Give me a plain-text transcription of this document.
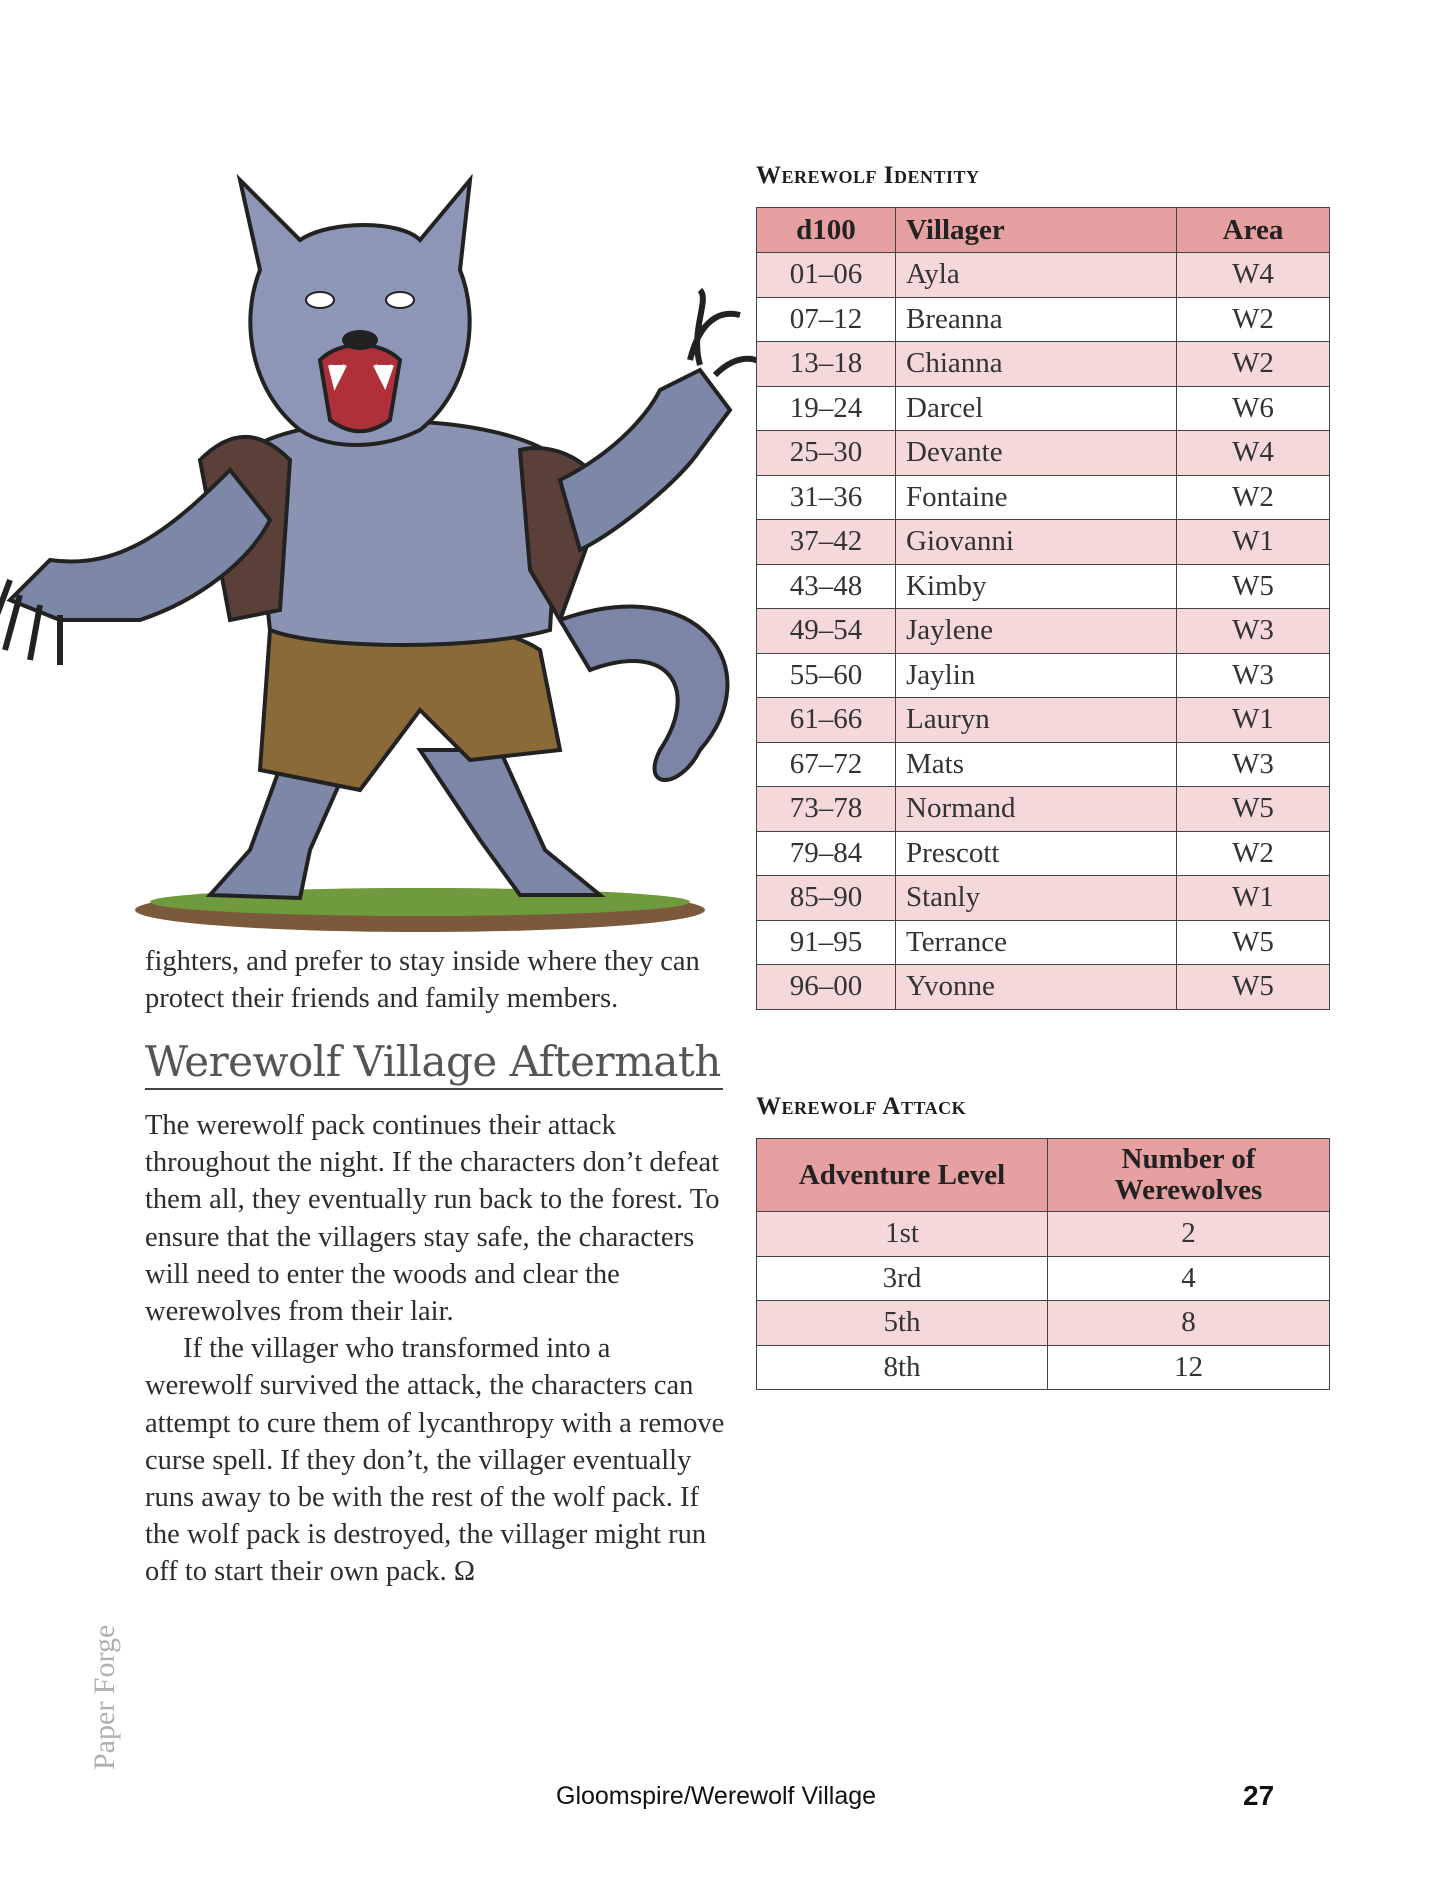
Werewolf Identity
d100	Villager	Area
01–06	Ayla	W4
07–12	Breanna	W2
13–18	Chianna	W2
19–24	Darcel	W6
25–30	Devante	W4
31–36	Fontaine	W2
37–42	Giovanni	W1
43–48	Kimby	W5
49–54	Jaylene	W3
55–60	Jaylin	W3
61–66	Lauryn	W1
67–72	Mats	W3
73–78	Normand	W5
79–84	Prescott	W2
85–90	Stanly	W1
91–95	Terrance	W5
96–00	Yvonne	W5
Werewolf Attack
Adventure Level	Number of Werewolves
1st	2
3rd	4
5th	8
8th	12

fighters, and prefer to stay inside where they can protect their friends and family members.

Werewolf Village Aftermath

The werewolf pack continues their attack throughout the night. If the characters don’t defeat them all, they eventually run back to the forest. To ensure that the villagers stay safe, the characters will need to enter the woods and clear the werewolves from their lair.

If the villager who transformed into a werewolf survived the attack, the characters can attempt to cure them of lycanthropy with a remove curse spell. If they don’t, the villager eventually runs away to be with the rest of the wolf pack. If the wolf pack is destroyed, the villager might run off to start their own pack. Ω

Paper Forge
Gloomspire/Werewolf Village	27
